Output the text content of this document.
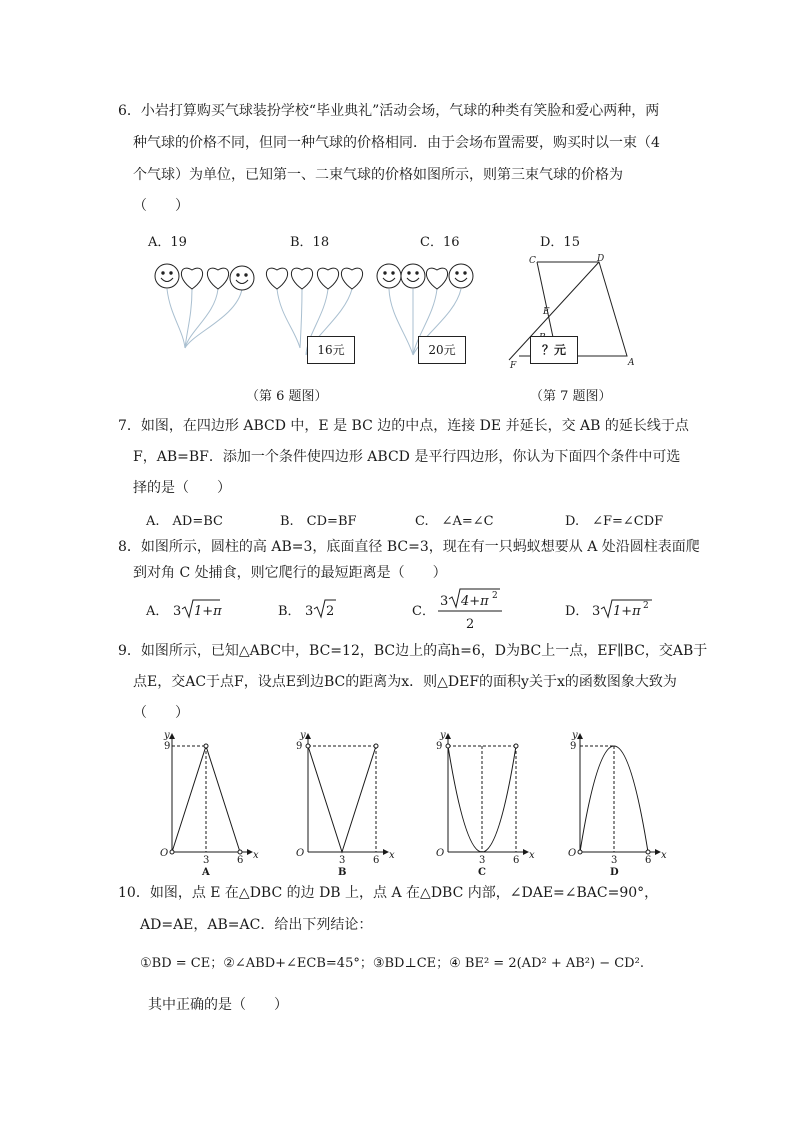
6．小岩打算购买气球装扮学校“毕业典礼”活动会场，气球的种类有笑脸和爱心两种，两
种气球的价格不同，但同一种气球的价格相同．由于会场布置需要，购买时以一束（4
个气球）为单位，已知第一、二束气球的价格如图所示，则第三束气球的价格为
（　　）
A．19	B．18	C．16	D．15
16元	20元
C	D
E
F	A
？元
（第 6 题图）	（第 7 题图）
7．如图，在四边形 ABCD 中，E 是 BC 边的中点，连接 DE 并延长，交 AB 的延长线于点
F，AB=BF．添加一个条件使四边形 ABCD 是平行四边形，你认为下面四个条件中可选
择的是（　　）
A.　AD=BC	B.　CD=BF	C.　∠A=∠C	D.　∠F=∠CDF
8．如图所示，圆柱的高 AB=3，底面直径 BC=3，现在有一只蚂蚁想要从 A 处沿圆柱表面爬
到对角 C 处捕食，则它爬行的最短距离是（　　）
A． 3 1+π	B． 3 2	C．
3 4+π 2
2
D． 3 1+π 2
9．如图所示，已知△ABC中，BC=12，BC边上的高h=6，D为BC上一点，EF∥BC，交AB于
点E，交AC于点F，设点E到边BC的距离为x．则△DEF的面积y关于x的函数图象大致为
（　　）
y
9
O
3	6 x
A
y
9
O
3	6 x
B
y
9
O
3	6 x
C
y
9
O
3	6 x
D
10．如图，点 E 在△DBC 的边 DB 上，点 A 在△DBC 内部，∠DAE=∠BAC=90°，
AD=AE，AB=AC．给出下列结论：
①BD = CE；②∠ABD+∠ECB=45°；③BD⊥CE；④ BE² = 2(AD² + AB²) − CD².
其中正确的是（　　）
